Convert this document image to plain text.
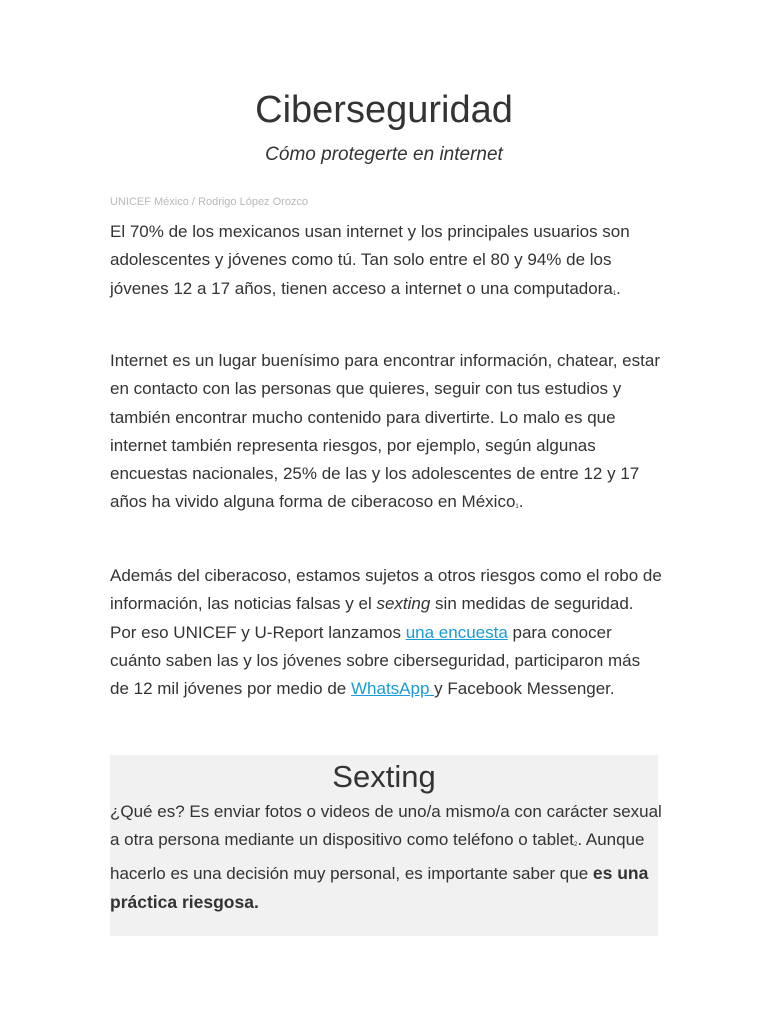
Ciberseguridad

Cómo protegerte en internet

UNICEF México / Rodrigo López Orozco

El 70% de los mexicanos usan internet y los principales usuarios son adolescentes y jóvenes como tú. Tan solo entre el 80 y 94% de los jóvenes 12 a 17 años, tienen acceso a internet o una computadora1.

Internet es un lugar buenísimo para encontrar información, chatear, estar en contacto con las personas que quieres, seguir con tus estudios y también encontrar mucho contenido para divertirte. Lo malo es que internet también representa riesgos, por ejemplo, según algunas encuestas nacionales, 25% de las y los adolescentes de entre 12 y 17 años ha vivido alguna forma de ciberacoso en México1.

Además del ciberacoso, estamos sujetos a otros riesgos como el robo de información, las noticias falsas y el sexting sin medidas de seguridad. Por eso UNICEF y U-Report lanzamos una encuesta para conocer cuánto saben las y los jóvenes sobre ciberseguridad, participaron más de 12 mil jóvenes por medio de WhatsApp y Facebook Messenger.

Sexting

¿Qué es? Es enviar fotos o videos de uno/a mismo/a con carácter sexual a otra persona mediante un dispositivo como teléfono o tablet2. Aunque hacerlo es una decisión muy personal, es importante saber que es una práctica riesgosa.
